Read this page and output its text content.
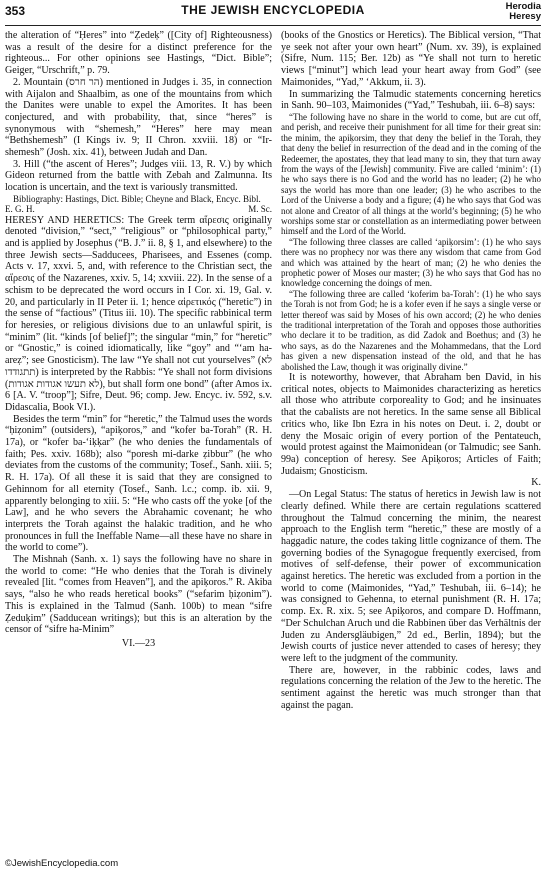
353	THE JEWISH ENCYCLOPEDIA	Herodia
Heresy

the alteration of “Ḥeres” into “Ẓedeḳ” ([City of] Righteousness) was a result of the desire for a distinct preference for the righteous... For other opinions see Hastings, “Dict. Bible”; Geiger, “Urschrift,” p. 79.

2. Mountain (הר חרס) mentioned in Judges i. 35, in connection with Aijalon and Shaalbim, as one of the mountains from which the Danites were unable to expel the Amorites. It has been conjectured, and with probability, that, since “heres” is synonymous with “shemesh,” “Heres” here may mean “Bethshemesh” (I Kings iv. 9; II Chron. xxviii. 18) or “Ir-shemesh” (Josh. xix. 41), between Judah and Dan.

3. Hill (“the ascent of Heres”; Judges viii. 13, R. V.) by which Gideon returned from the battle with Zebah and Zalmunna. Its location is uncertain, and the text is variously transmitted.

Bibliography: Hastings, Dict. Bible; Cheyne and Black, Encyc. Bibl.

E. G. H.	M. Sc.

HERESY AND HERETICS: The Greek term αἵρεσις originally denoted “division,” “sect,” “religious” or “philosophical party,” and is applied by Josephus (“B. J.” ii. 8, § 1, and elsewhere) to the three Jewish sects—Sadducees, Pharisees, and Essenes (comp. Acts v. 17, xxvi. 5, and, with reference to the Christian sect, the αἵρεσις of the Nazarenes, xxiv. 5, 14; xxviii. 22). In the sense of a schism to be deprecated the word occurs in I Cor. xi. 19, Gal. v. 20, and particularly in II Peter ii. 1; hence αἱρετικός (“heretic”) in the sense of “factious” (Titus iii. 10). The specific rabbinical term for heresies, or religious divisions due to an unlawful spirit, is “minim” (lit. “kinds [of belief]”; the singular “min,” for “heretic” or “Gnostic,” is coined idiomatically, like “goy” and “ʻam ha-areẓ”; see Gnosticism). The law “Ye shall not cut yourselves” (לא תתגודדו) is interpreted by the Rabbis: “Ye shall not form divisions (לא תעשו אגודות אגודות), but shall form one bond” (after Amos ix. 6 [A. V. “troop”]; Sifre, Deut. 96; comp. Jew. Encyc. iv. 592, s.v. Didascalia, Book VI.).

Besides the term “min” for “heretic,” the Talmud uses the words “ḥiẓonim” (outsiders), “apiḳoros,” and “kofer ba-Torah” (R. H. 17a), or “kofer ba-ʻiḳḳar” (he who denies the fundamentals of faith; Pes. xxiv. 168b); also “poresh mi-darke ẓibbur” (he who deviates from the customs of the community; Tosef., Sanh. xiii. 5; R. H. 17a). Of all these it is said that they are consigned to Gehinnom for all eternity (Tosef., Sanh. l.c.; comp. ib. xii. 9, apparently belonging to xiii. 5: “He who casts off the yoke [of the Law], and he who severs the Abrahamic covenant; he who interprets the Torah against the halakic tradition, and he who pronounces in full the Ineffable Name—all these have no share in the world to come”).

The Mishnah (Sanh. x. 1) says the following have no share in the world to come: “He who denies that the Torah is divinely revealed [lit. “comes from Heaven”], and the apiḳoros.” R. Akiba says, “also he who reads heretical books” (“sefarim ḥiẓonim”). This is explained in the Talmud (Sanh. 100b) to mean “sifre Ẓeduḳim” (Sadducean writings); but this is an alteration by the censor of “sifre ha-Minim”

VI.—23

(books of the Gnostics or Heretics). The Biblical version, “That ye seek not after your own heart” (Num. xv. 39), is explained (Sifre, Num. 115; Ber. 12b) as “Ye shall not turn to heretic views [“minut”] which lead your heart away from God” (see Maimonides, “Yad,” ʻAkkum, ii. 3).

In summarizing the Talmudic statements concerning heretics in Sanh. 90–103, Maimonides (“Yad,” Teshubah, iii. 6–8) says:

“The following have no share in the world to come, but are cut off, and perish, and receive their punishment for all time for their great sin: the minim, the apiḳorsim, they that deny the belief in the Torah, they that deny the belief in resurrection of the dead and in the coming of the Redeemer, the apostates, they that lead many to sin, they that turn away from the ways of the [Jewish] community. Five are called ‘minim’: (1) he who says there is no God and the world has no leader; (2) he who says the world has more than one leader; (3) he who ascribes to the Lord of the Universe a body and a figure; (4) he who says that God was not alone and Creator of all things at the world’s beginning; (5) he who worships some star or constellation as an intermediating power between himself and the Lord of the World.

“The following three classes are called ‘apiḳorsim’: (1) he who says there was no prophecy nor was there any wisdom that came from God and which was attained by the heart of man; (2) he who denies the prophetic power of Moses our master; (3) he who says that God has no knowledge concerning the doings of men.

“The following three are called ‘koferim ba-Torah’: (1) he who says the Torah is not from God; he is a kofer even if he says a single verse or letter thereof was said by Moses of his own accord; (2) he who denies the traditional interpretation of the Torah and opposes those authorities who declare it to be tradition, as did Zadok and Boethus; and (3) he who says, as do the Nazarenes and the Mohammedans, that the Lord has given a new dispensation instead of the old, and that he has abolished the Law, though it was originally divine.”

It is noteworthy, however, that Abraham ben David, in his critical notes, objects to Maimonides characterizing as heretics all those who attribute corporeality to God; and he insinuates that the cabalists are not heretics. In the same sense all Biblical critics who, like Ibn Ezra in his notes on Deut. i. 2, doubt or deny the Mosaic origin of every portion of the Pentateuch, would protest against the Maimonidean (or Talmudic; see Sanh. 99a) conception of heresy. See Apiḳoros; Articles of Faith; Judaism; Gnosticism.

K.

—On Legal Status: The status of heretics in Jewish law is not clearly defined. While there are certain regulations scattered throughout the Talmud concerning the minim, the nearest approach to the English term “heretic,” these are mostly of a haggadic nature, the codes taking little cognizance of them. The governing bodies of the Synagogue frequently exercised, from motives of self-defense, their power of excommunication against heretics. The heretic was excluded from a portion in the world to come (Maimonides, “Yad,” Teshubah, iii. 6–14); he was consigned to Gehenna, to eternal punishment (R. H. 17a; comp. Ex. R. xix. 5; see Apiḳoros, and compare D. Hoffmann, “Der Schulchan Aruch und die Rabbinen über das Verhältnis der Juden zu Andersgläubigen,” 2d ed., Berlin, 1894); but the Jewish courts of justice never attended to cases of heresy; they were left to the judgment of the community.

There are, however, in the rabbinic codes, laws and regulations concerning the relation of the Jew to the heretic. The sentiment against the heretic was much stronger than that against the pagan.

©JewishEncyclopedia.com
